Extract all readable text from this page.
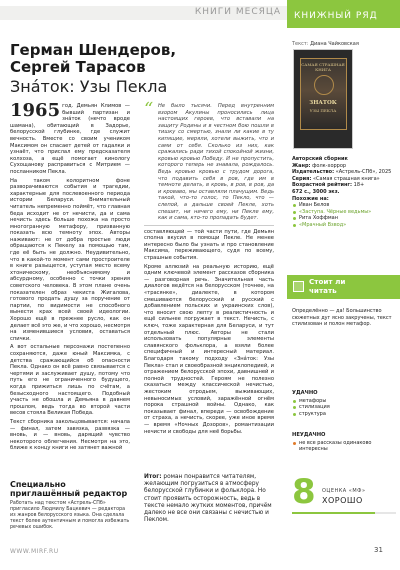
КНИГИ МЕСЯЦА КНИЖНЫЙ РЯД
Герман Шендеров,
Сергей Тарасов
Знáток: Узы Пекла

1965 год. Демьян Климов — бывший партизан и знáток (нечто вроде шамана), обитающий в Задорье, белорусской глубинке, где служит вечность. Вместе со своим учеником Максимом он спасает детей от гадалки и узнаёт, что прислал ему предсказателя колхоза, а ещё помогает кинологу Сухощанову расправиться с Митрием — посланником Пекла.

На таком колоритном фоне разворачиваются события и трагедии, характерные для послевоенного периода истории Беларуси. Внимательный читатель непременно поймёт, что главная беда исходит не от нечисти, да и сама нечисть здесь больше похожа на просто многогранную метафору, призванную показать всю темноту эпох. Авторы наживают: не от добра простые люди обращаются к Пекелу за помощью там, где её быть не должно. Неудивительно, что в какой-то момент сами простроителе в книге разыщется, уступая место всему хтоническому, необъяснимому и абсурдному, особенно с точки зрения советского человека. В этом плане очень показателен образ чекиста Жигалова, готового продать душу за поручение от партии, по видимости не способного вынести крах всей своей идеологии. Хорошо ещё в прежнее русло, как он делает всё это же, и что хорошо, несмотря на изменившиеся условия, оставаться спички.

А вот остальные персонажи постепенно сохраняются, даже юный Максимка, с детства сражающийся об опасности Пекла. Однако он всё равно связывается с чертями и заслуживает душу, потому что путь его не ограниченного будущего, когда прижиться лишь по счётам, а безысходного настоящего. Подобный участь не обошла и Демьяна в давнем прошлом, ведь тогда во второй части весов стояла Великая Победа.

Текст сборника закольцовывается: начала — финал, затем завязка, развязка — вновь, и — вновь, дарящий чувство некоторого облегчения. Несмотря на это, ближе к концу книги не затянет важной

“ Не было тысячи. Перед внутренним взором Акулины проносились лица настоящих героев, что вставали на защиту Родины и в честном бою пошли в тишку со смертью, знали ли какие в ту кипящие, меряли, хотели выжить, что и сами от себя. Сколько из них, как сражались ради тихой спокойной жизни, кровью кровью Победу. И не пропустить, которого теперь не знавала, рождалось. Ведь кровью кровью с трудом дорога, что подавить себя в ров, где им в темноте делать, в кровь, в ров, в ров, да и кроваво, мы оставляли плачущим. Ведь такой, что-то голос, то Пекло, что — слепой, а дальше своей Пекле, хоть спешит, ни ничего ему, ни Пекле ему, как и сама, кто-то пропадать будет.

составляющей — той части пути, где Демьян сполна вкусил в помощи Пекле. Не менее интересно было бы узнать и про становление Максима, переживающего, судя по всему, страшные события.

Кроме аллюзий на реальную историю, ещё одним ключевой элемент рассказов сборника — разговорная речь. Значительная часть диалогов ведётся на белорусском (точнее, на «трасянке», диалекте, в котором смешиваются белорусский и русский с добавлением польских и украинских слов), что вносит свою лепту в реалистичность и ещё сильнее погружает в текст. Нечисть, с ключ, тоже характерная для Беларуси, и тут отдельный плюс. Авторы не стали использовать популярные элементы славянского фольклора, а взяли более специфичный и интересный материал. Благодаря такому подходу «Знáток: Узы Пекла» стал и своеобразной энциклопедией, и отражением белорусской эпохи, давнишней и полной трудностей. Героям не полезно сказаться между классической нечистью, жестоким отродьем, выживающих, невыносимых условий, заражённой огнём порока страшной войны. Однако, как показывает финал, впереди — освобождение от страха, а нечисть, скорее, уже иное время — время «Ночных Дозоров», романтизации нечисти и свободы для неё борьбы.

Специально
приглашённый редактор
Работать над текстом «Астрель-СПб» пригласило Людмилу Бацкевич — редактора из жанров белорусского языка. Она сделала текст более аутентичным и помогла избежать речевых ошибок.
Итог: роман понравится читателям, желающим погрузиться в атмосферу белорусской глубинки и фольклора. Но стоит проявить осторожность, ведь в тексте немало жутких моментов, причём далеко не все они связаны с нечистью и Пеклом.
Текст: Диана Чайковская
САМАЯ СТРАШНАЯ КНИГА
ЗНАТОК
УЗЫ ПЕКЛА
Авторский сборник
Жанр: фолк-хоррор
Издательство: «Астрель-СПб», 2025
Серия: «Самая страшная книга»
Возрастной рейтинг: 18+
672 с., 3000 экз.
Похожие на:
Иван Белов
«Заступа. Чёрные ведьмы»
Рита Хоффман
«Мрачный Взвод»
Стоит ли
читать
Определённо — да! Большинство сюжетных дуг ясно закручены, текст стилизован и полон метафор.
УДАЧНО
метафоры
стилизация
структура
НЕУДАЧНО
не все рассказы одинаково интересны
8 ОЦЕНКА «МФ»
ХОРОШО
WWW.MIRF.RU	31
